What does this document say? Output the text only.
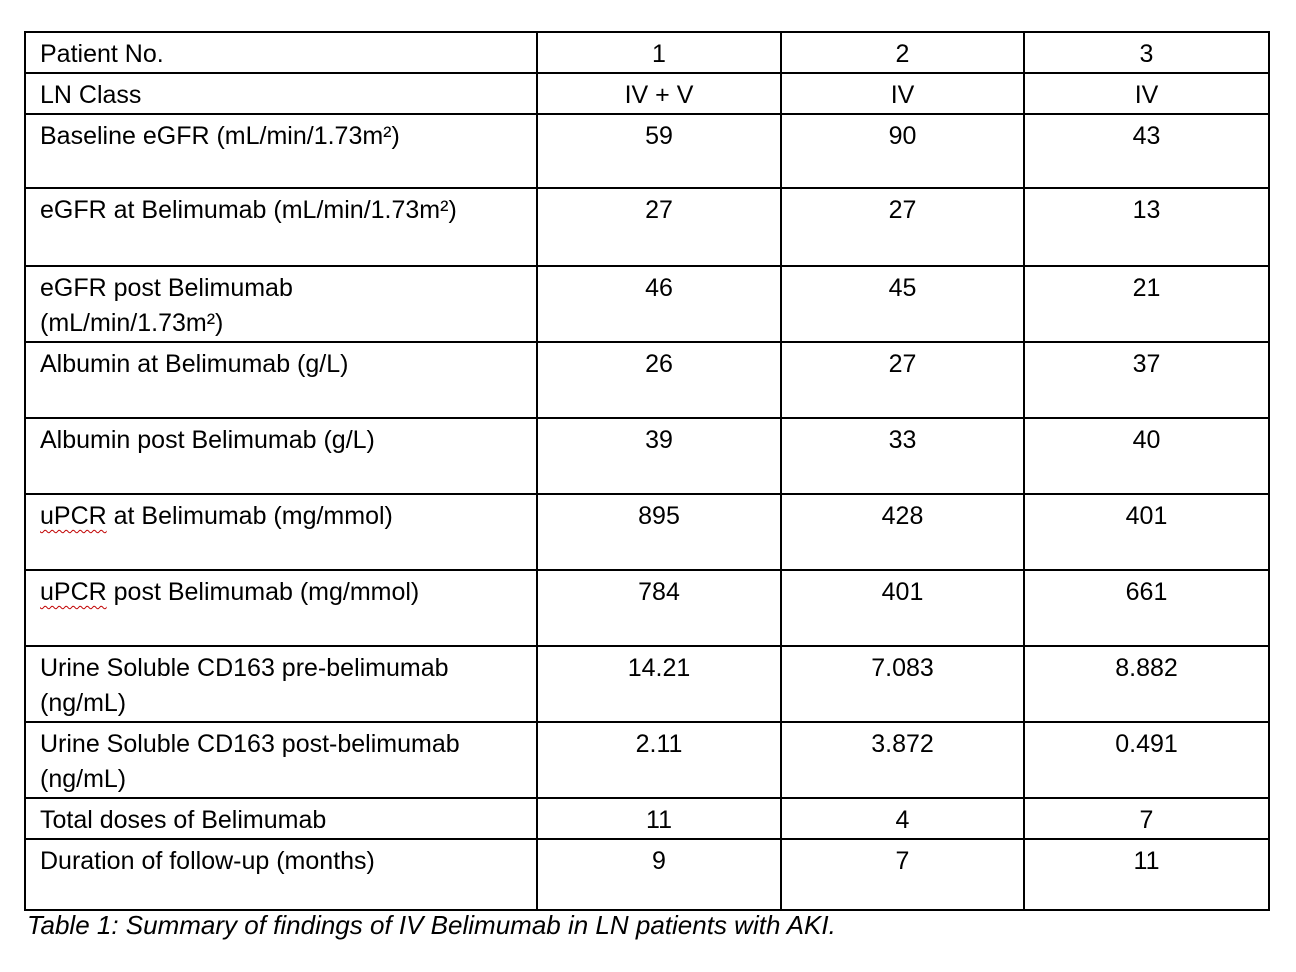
Patient No.	1	2	3
LN Class	IV + V	IV	IV
Baseline eGFR (mL/min/1.73m²)	59	90	43
eGFR at Belimumab (mL/min/1.73m²)	27	27	13
eGFR post Belimumab (mL/min/1.73m²)	46	45	21
Albumin at Belimumab (g/L)	26	27	37
Albumin post Belimumab (g/L)	39	33	40
uPCR at Belimumab (mg/mmol)	895	428	401
uPCR post Belimumab (mg/mmol)	784	401	661
Urine Soluble CD163 pre-belimumab (ng/mL)	14.21	7.083	8.882
Urine Soluble CD163 post-belimumab (ng/mL)	2.11	3.872	0.491
Total doses of Belimumab	11	4	7
Duration of follow-up (months)	9	7	11
Table 1: Summary of findings of IV Belimumab in LN patients with AKI.
